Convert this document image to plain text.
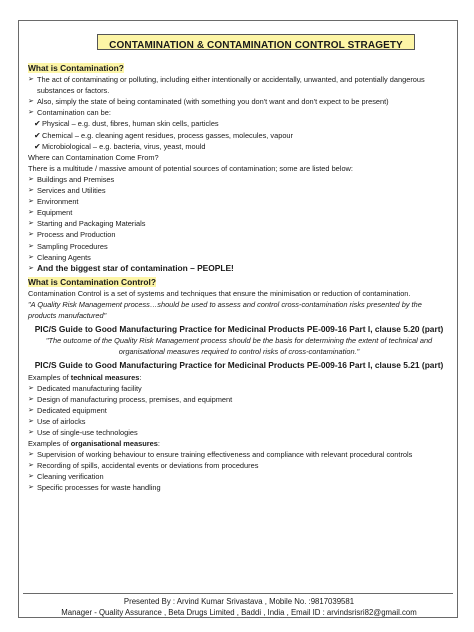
CONTAMINATION & CONTAMINATION CONTROL STRAGETY
What is Contamination?
➢ The act of contaminating or polluting, including either intentionally or accidentally, unwanted, and potentially dangerous substances or factors.
➢ Also, simply the state of being contaminated (with something you don't want and don't expect to be present)
➢ Contamination can be:
✔ Physical – e.g. dust, fibres, human skin cells, particles
✔ Chemical – e.g. cleaning agent residues, process gasses, molecules, vapour
✔ Microbiological – e.g. bacteria, virus, yeast, mould
Where can Contamination Come From?
There is a multitude / massive amount of potential sources of contamination; some are listed below:
➢ Buildings and Premises
➢ Services and Utilities
➢ Environment
➢ Equipment
➢ Starting and Packaging Materials
➢ Process and Production
➢ Sampling Procedures
➢ Cleaning Agents
➢ And the biggest star of contamination – PEOPLE!
What is Contamination Control?
Contamination Control is a set of systems and techniques that ensure the minimisation or reduction of contamination.
"A Quality Risk Management process…should be used to assess and control cross-contamination risks presented by the products manufactured"
PIC/S Guide to Good Manufacturing Practice for Medicinal Products PE-009-16 Part I, clause 5.20 (part)
"The outcome of the Quality Risk Management process should be the basis for determining the extent of technical and
organisational measures required to control risks of cross-contamination."
PIC/S Guide to Good Manufacturing Practice for Medicinal Products PE-009-16 Part I, clause 5.21 (part)
Examples of technical measures:
➢ Dedicated manufacturing facility
➢ Design of manufacturing process, premises, and equipment
➢ Dedicated equipment
➢ Use of airlocks
➢ Use of single-use technologies
Examples of organisational measures:
➢ Supervision of working behaviour to ensure training effectiveness and compliance with relevant procedural controls
➢ Recording of spills, accidental events or deviations from procedures
➢ Cleaning verification
➢ Specific processes for waste handling
Presented By : Arvind Kumar Srivastava , Mobile No. :9817039581
Manager - Quality Assurance , Beta Drugs Limited , Baddi , India , Email ID : arvindsrisri82@gmail.com
